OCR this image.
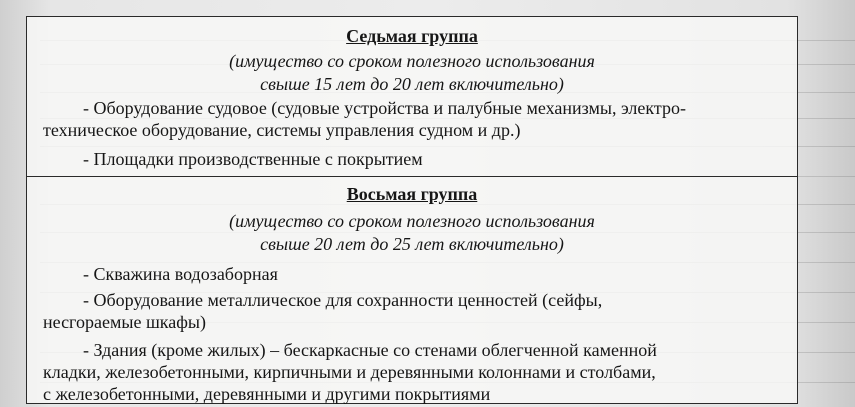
Седьмая группа
(имущество со сроком полезного использования
свыше 15 лет до 20 лет включительно)
- Оборудование судовое (судовые устройства и палубные механизмы, электро-
техническое оборудование, системы управления судном и др.)
- Площадки производственные с покрытием
Восьмая группа
(имущество со сроком полезного использования
свыше 20 лет до 25 лет включительно)
- Скважина водозаборная
- Оборудование металлическое для сохранности ценностей (сейфы,
несгораемые шкафы)
- Здания (кроме жилых) – бескаркасные со стенами облегченной каменной
кладки, железобетонными, кирпичными и деревянными колоннами и столбами,
с железобетонными, деревянными и другими покрытиями
